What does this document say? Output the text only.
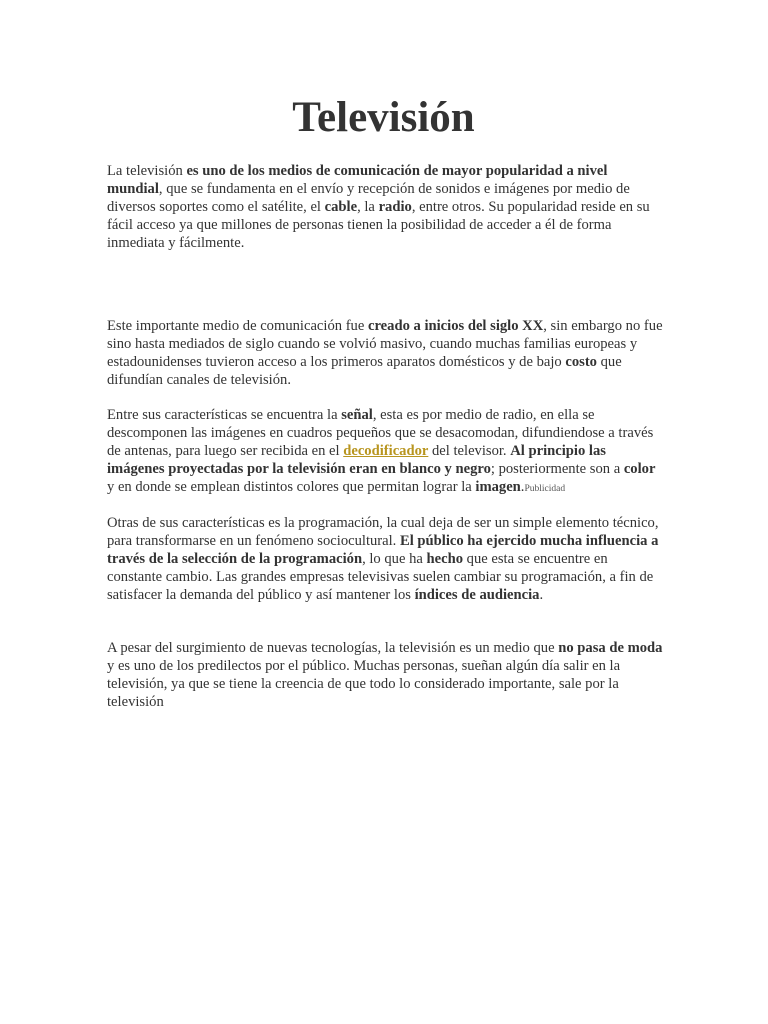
Televisión

La televisión es uno de los medios de comunicación de mayor popularidad a nivel mundial, que se fundamenta en el envío y recepción de sonidos e imágenes por medio de diversos soportes como el satélite, el cable, la radio, entre otros. Su popularidad reside en su fácil acceso ya que millones de personas tienen la posibilidad de acceder a él de forma inmediata y fácilmente.

Este importante medio de comunicación fue creado a inicios del siglo XX, sin embargo no fue sino hasta mediados de siglo cuando se volvió masivo, cuando muchas familias europeas y estadounidenses tuvieron acceso a los primeros aparatos domésticos y de bajo costo que difundían canales de televisión.

Entre sus características se encuentra la señal, esta es por medio de radio, en ella se descomponen las imágenes en cuadros pequeños que se desacomodan, difundiendose a través de antenas, para luego ser recibida en el decodificador del televisor. Al principio las imágenes proyectadas por la televisión eran en blanco y negro; posteriormente son a color y en donde se emplean distintos colores que permitan lograr la imagen.Publicidad

Otras de sus características es la programación, la cual deja de ser un simple elemento técnico, para transformarse en un fenómeno sociocultural. El público ha ejercido mucha influencia a través de la selección de la programación, lo que ha hecho que esta se encuentre en constante cambio. Las grandes empresas televisivas suelen cambiar su programación, a fin de satisfacer la demanda del público y así mantener los índices de audiencia.

A pesar del surgimiento de nuevas tecnologías, la televisión es un medio que no pasa de moda y es uno de los predilectos por el público. Muchas personas, sueñan algún día salir en la televisión, ya que se tiene la creencia de que todo lo considerado importante, sale por la televisión
